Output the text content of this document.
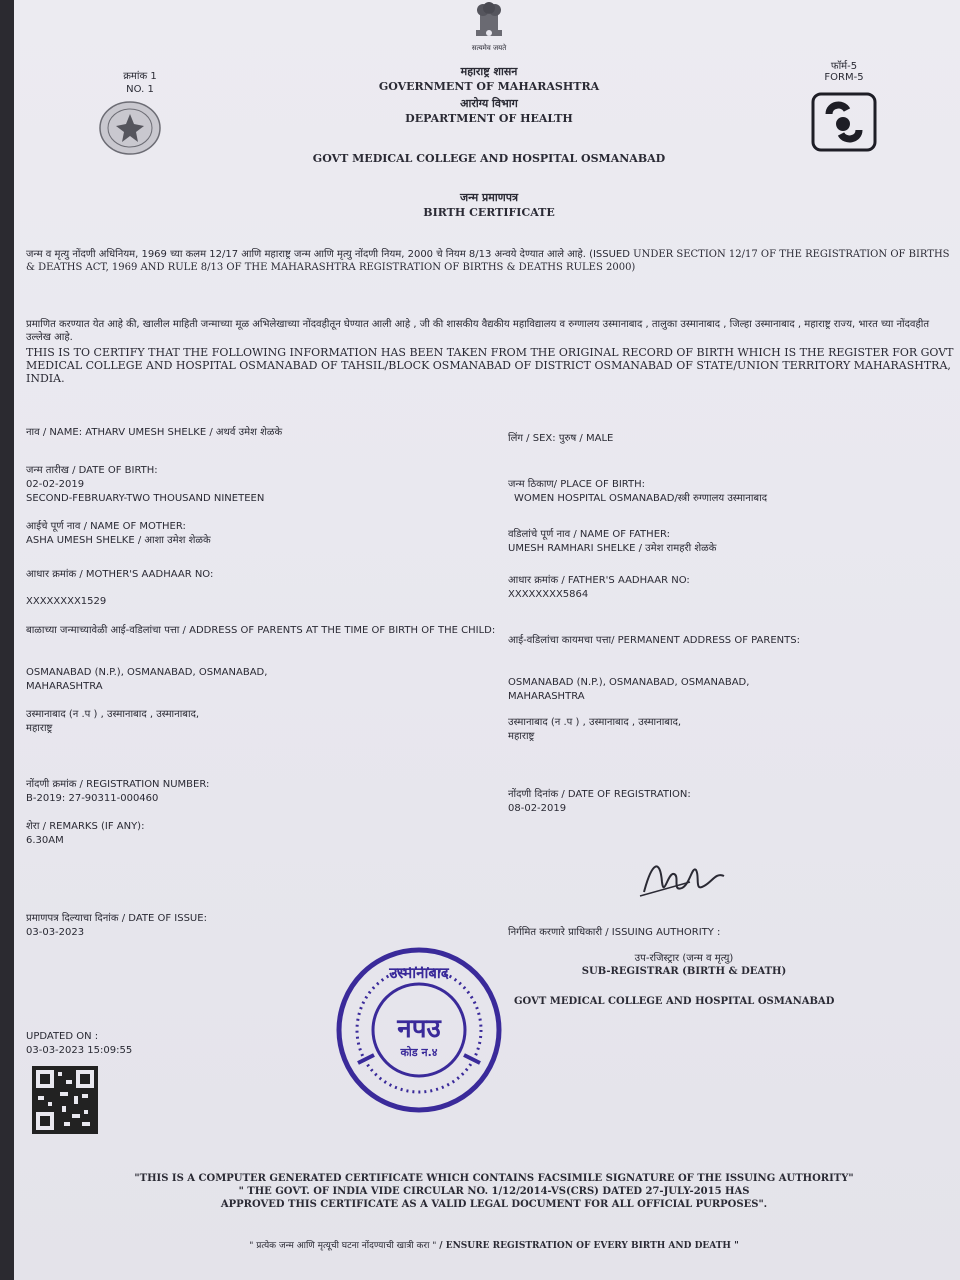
सत्यमेव जयते
क्रमांक 1
NO. 1
महाराष्ट्र शासन
GOVERNMENT OF MAHARASHTRA
आरोग्य विभाग
DEPARTMENT OF HEALTH
फॉर्म-5
FORM-5
GOVT MEDICAL COLLEGE AND HOSPITAL OSMANABAD
जन्म प्रमाणपत्र
BIRTH CERTIFICATE
जन्म व मृत्यु नोंदणी अधिनियम, 1969 च्या कलम 12/17 आणि महाराष्ट्र जन्म आणि मृत्यु नोंदणी नियम, 2000 चे नियम 8/13 अन्वये देण्यात आले आहे. (ISSUED UNDER SECTION 12/17 OF THE REGISTRATION OF BIRTHS & DEATHS ACT, 1969 AND RULE 8/13 OF THE MAHARASHTRA REGISTRATION OF BIRTHS & DEATHS RULES 2000)
प्रमाणित करण्यात येत आहे की, खालील माहिती जन्माच्या मूळ अभिलेखाच्या नोंदवहीतून घेण्यात आली आहे , जी की शासकीय वैद्यकीय महाविद्यालय व रुग्णालय उस्मानाबाद , तालुका उस्मानाबाद , जिल्हा उस्मानाबाद , महाराष्ट्र राज्य, भारत च्या नोंदवहीत उल्लेख आहे.
THIS IS TO CERTIFY THAT THE FOLLOWING INFORMATION HAS BEEN TAKEN FROM THE ORIGINAL RECORD OF BIRTH WHICH IS THE REGISTER FOR GOVT MEDICAL COLLEGE AND HOSPITAL OSMANABAD OF TAHSIL/BLOCK OSMANABAD OF DISTRICT OSMANABAD OF STATE/UNION TERRITORY MAHARASHTRA, INDIA.
नाव / NAME: ATHARV UMESH SHELKE / अथर्व उमेश शेळके
जन्म तारीख / DATE OF BIRTH:
02-02-2019
SECOND-FEBRUARY-TWO THOUSAND NINETEEN
आईचे पूर्ण नाव / NAME OF MOTHER:
ASHA UMESH SHELKE / आशा उमेश शेळके
आधार क्रमांक / MOTHER'S AADHAAR NO:
XXXXXXXX1529
बाळाच्या जन्माच्यावेळी आई-वडिलांचा पत्ता / ADDRESS OF PARENTS AT THE TIME OF BIRTH OF THE CHILD:
OSMANABAD (N.P.), OSMANABAD, OSMANABAD,
MAHARASHTRA
उस्मानाबाद (न .प ) , उस्मानाबाद , उस्मानाबाद,
महाराष्ट्र
नोंदणी क्रमांक / REGISTRATION NUMBER:
B-2019: 27-90311-000460
शेरा / REMARKS (IF ANY):
6.30AM
प्रमाणपत्र दिल्याचा दिनांक / DATE OF ISSUE:
03-03-2023
UPDATED ON :
03-03-2023 15:09:55
लिंग / SEX: पुरुष / MALE
जन्म ठिकाण/ PLACE OF BIRTH:
WOMEN HOSPITAL OSMANABAD/स्त्री रुग्णालय उस्मानाबाद
वडिलांचे पूर्ण नाव / NAME OF FATHER:
UMESH RAMHARI SHELKE / उमेश रामहरी शेळके
आधार क्रमांक / FATHER'S AADHAAR NO:
XXXXXXXX5864
आई-वडिलांचा कायमचा पत्ता/ PERMANENT ADDRESS OF PARENTS:
OSMANABAD (N.P.), OSMANABAD, OSMANABAD,
MAHARASHTRA
उस्मानाबाद (न .प ) , उस्मानाबाद , उस्मानाबाद,
महाराष्ट्र
नोंदणी दिनांक / DATE OF REGISTRATION:
08-02-2019
निर्गमित करणारे प्राधिकारी / ISSUING AUTHORITY :
उप-रजिस्ट्रार (जन्म व मृत्यु)
SUB-REGISTRAR (BIRTH & DEATH)
GOVT MEDICAL COLLEGE AND HOSPITAL OSMANABAD
उस्मानाबाद
नपउ
कोड न.४
"THIS IS A COMPUTER GENERATED CERTIFICATE WHICH CONTAINS FACSIMILE SIGNATURE OF THE ISSUING AUTHORITY"
" THE GOVT. OF INDIA VIDE CIRCULAR NO. 1/12/2014-VS(CRS) DATED 27-JULY-2015 HAS
APPROVED THIS CERTIFICATE AS A VALID LEGAL DOCUMENT FOR ALL OFFICIAL PURPOSES".
" प्रत्येक जन्म आणि मृत्यूची घटना नोंदण्याची खात्री करा " / ENSURE REGISTRATION OF EVERY BIRTH AND DEATH "
